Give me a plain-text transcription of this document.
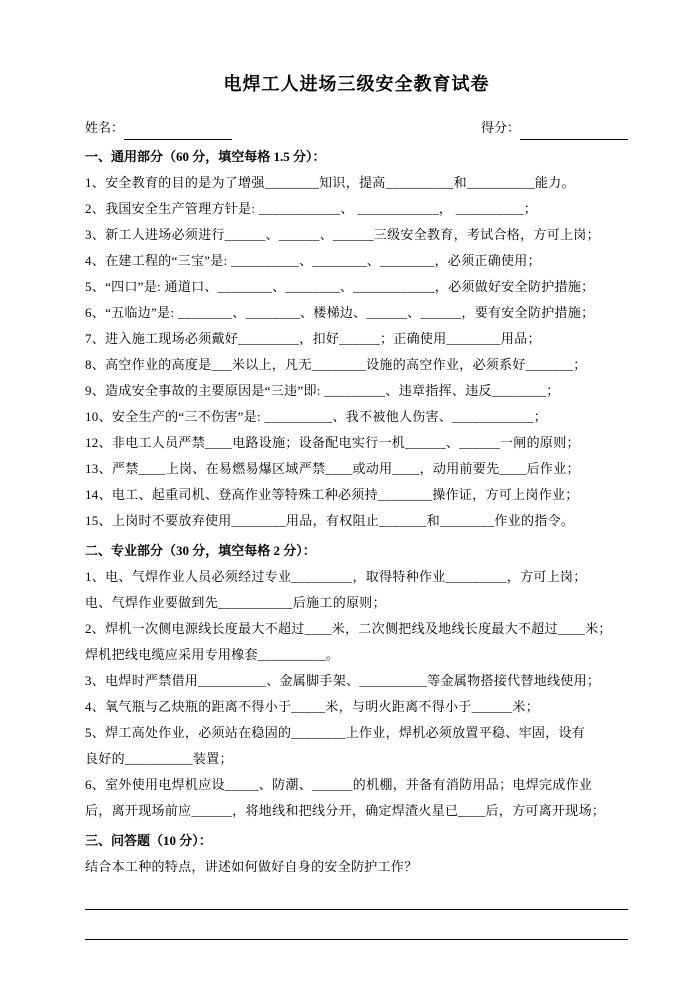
电焊工人进场三级安全教育试卷
姓名：	得分：
一、通用部分（60 分，填空每格 1.5 分）：

1、安全教育的目的是为了增强________知识，提高__________和__________能力。

2、我国安全生产管理方针是: ____________、 ____________， __________；

3、新工人进场必须进行______、______、______三级安全教育，考试合格，方可上岗；

4、在建工程的“三宝”是: __________、________、________，必须正确使用；

5、“四口”是: 通道口、________、________、____________，必须做好安全防护措施；

6、“五临边”是: ________、________、楼梯边、______、______，要有安全防护措施；

7、进入施工现场必须戴好_________，扣好______；正确使用________用品；

8、高空作业的高度是___米以上，凡无________设施的高空作业，必须系好_______；

9、造成安全事故的主要原因是“三违”即: _________、违章指挥、违反________；

10、安全生产的“三不伤害”是: __________、我不被他人伤害、____________；

12、非电工人员严禁____电路设施；设备配电实行一机______、______一闸的原则；

13、严禁____上岗、在易燃易爆区域严禁____或动用____，动用前要先____后作业；

14、电工、起重司机、登高作业等特殊工种必须持________操作证，方可上岗作业；

15、上岗时不要放弃使用________用品，有权阻止_______和________作业的指令。

二、专业部分（30 分，填空每格 2 分）：

1、电、气焊作业人员必须经过专业_________，取得特种作业_________，方可上岗；

电、气焊作业要做到先___________后施工的原则；

2、焊机一次侧电源线长度最大不超过____米，二次侧把线及地线长度最大不超过____米；

焊机把线电缆应采用专用橡套__________。

3、电焊时严禁借用__________、金属脚手架、__________等金属物搭接代替地线使用；

4、氧气瓶与乙炔瓶的距离不得小于_____米，与明火距离不得小于______米；

5、焊工高处作业，必须站在稳固的________上作业，焊机必须放置平稳、牢固，设有

良好的__________装置；

6、室外使用电焊机应设_____、防潮、______的机棚，并备有消防用品；电焊完成作业

后，离开现场前应______，将地线和把线分开，确定焊渣火星已____后，方可离开现场；

三、问答题（10 分）：

结合本工种的特点，讲述如何做好自身的安全防护工作？
